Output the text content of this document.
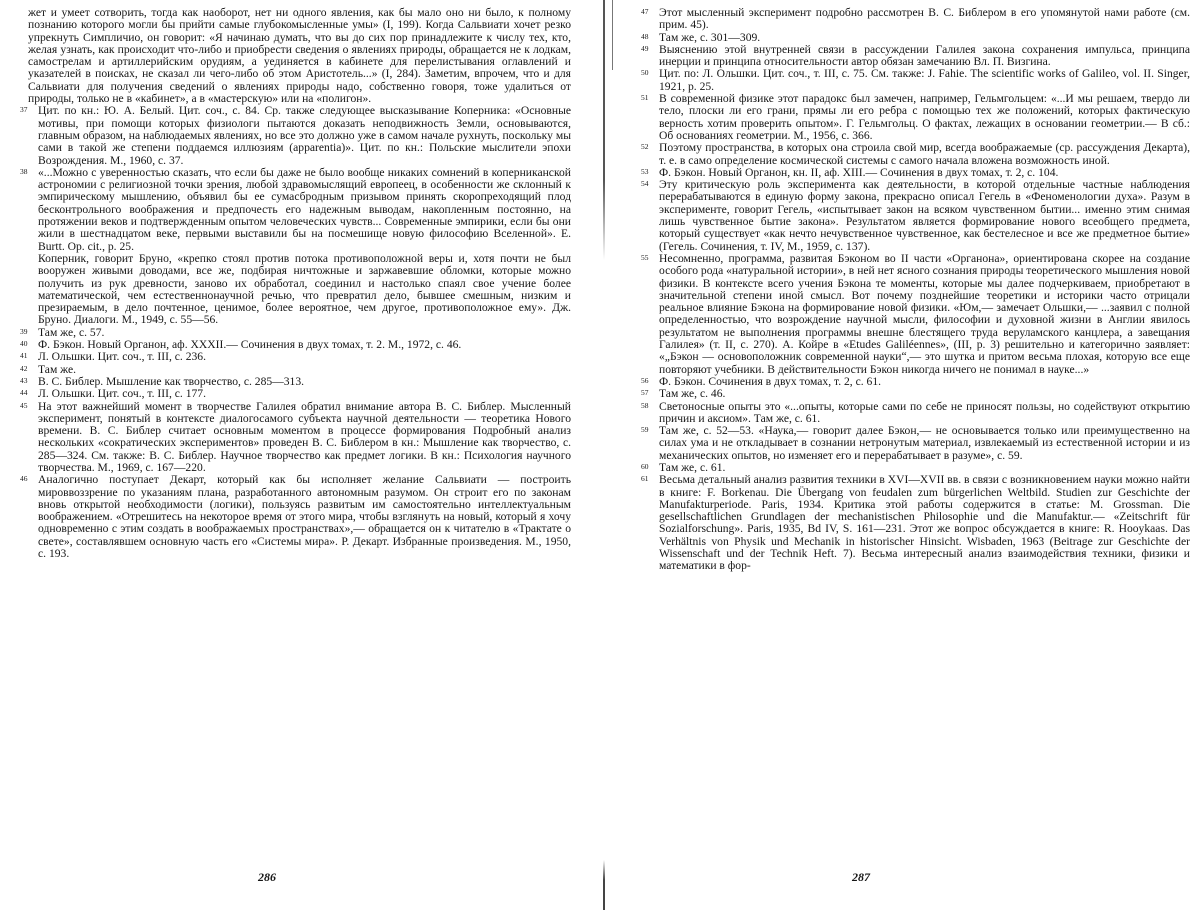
жет и умеет сотворить, тогда как наоборот, нет ни одного явления, как бы мало оно ни было, к полному познанию которого могли бы прийти самые глубокомысленные умы» (I, 199). Когда Сальвиати хочет резко упрекнуть Симпличио, он говорит: «Я начинаю думать, что вы до сих пор принадлежите к числу тех, кто, желая узнать, как происходит что-либо и приобрести сведения о явлениях природы, обращается не к лодкам, самострелам и артиллерийским орудиям, а уединяется в кабинете для перелистывания оглавлений и указателей в поисках, не сказал ли чего-либо об этом Аристотель...» (I, 284). Заметим, впрочем, что и для Сальвиати для получения сведений о явлениях природы надо, собственно говоря, тоже удалиться от природы, только не в «кабинет», а в «мастерскую» или на «полигон».
37 Цит. по кн.: Ю. А. Белый. Цит. соч., с. 84. Ср. также следующее высказывание Коперника: «Основные мотивы, при помощи которых физиологи пытаются доказать неподвижность Земли, основываются, главным образом, на наблюдаемых явлениях, но все это должно уже в самом начале рухнуть, поскольку мы сами в такой же степени поддаемся иллюзиям (apparentia)». Цит. по кн.: Польские мыслители эпохи Возрождения. М., 1960, с. 37.
38 «...Можно с уверенностью сказать, что если бы даже не было вообще никаких сомнений в коперниканской астрономии с религиозной точки зрения, любой здравомыслящий европеец, в особенности же склонный к эмпирическому мышлению, объявил бы ее сумасбродным призывом принять скоропреходящий плод бесконтрольного воображения и предпочесть его надежным выводам, накопленным постоянно, на протяжении веков и подтвержденным опытом человеческих чувств... Современные эмпирики, если бы они жили в шестнадцатом веке, первыми выставили бы на посмешище новую философию Вселенной». E. Burtt. Op. cit., p. 25.
Коперник, говорит Бруно, «крепко стоял против потока противоположной веры и, хотя почти не был вооружен живыми доводами, все же, подбирая ничтожные и заржавевшие обломки, которые можно получить из рук древности, заново их обработал, соединил и настолько спаял свое учение более математической, чем естественнонаучной речью, что превратил дело, бывшее смешным, низким и презираемым, в дело почтенное, ценимое, более вероятное, чем другое, противоположное ему». Дж. Бруно. Диалоги. М., 1949, с. 55—56.
39 Там же, с. 57.
40 Ф. Бэкон. Новый Органон, аф. XXXII.— Сочинения в двух томах, т. 2. М., 1972, с. 46.
41 Л. Ольшки. Цит. соч., т. III, с. 236.
42 Там же.
43 В. С. Библер. Мышление как творчество, с. 285—313.
44 Л. Ольшки. Цит. соч., т. III, с. 177.
45 На этот важнейший момент в творчестве Галилея обратил внимание автора В. С. Библер. Мысленный эксперимент, понятый в контексте диалогосамого субъекта научной деятельности — теоретика Нового времени. В. С. Библер считает основным моментом в процессе формирования Подробный анализ нескольких «сократических экспериментов» проведен В. С. Библером в кн.: Мышление как творчество, с. 285—324. См. также: В. С. Библер. Научное творчество как предмет логики. В кн.: Психология научного творчества. М., 1969, с. 167—220.
46 Аналогично поступает Декарт, который как бы исполняет желание Сальвиати — построить мироввоззрение по указаниям плана, разработанного автономным разумом. Он строит его по законам вновь открытой необходимости (логики), пользуясь развитым им самостоятельно интеллектуальным воображением. «Отрешитесь на некоторое время от этого мира, чтобы взглянуть на новый, который я хочу одновременно с этим создать в воображаемых пространствах»,— обращается он к читателю в «Трактате о свете», составлявшем основную часть его «Системы мира». Р. Декарт. Избранные произведения. М., 1950, с. 193.
286
47 Этот мысленный эксперимент подробно рассмотрен В. С. Библером в его упомянутой нами работе (см. прим. 45).
48 Там же, с. 301—309.
49 Выяснению этой внутренней связи в рассуждении Галилея закона сохранения импульса, принципа инерции и принципа относительности автор обязан замечанию Вл. П. Визгина.
50 Цит. по: Л. Ольшки. Цит. соч., т. III, с. 75. См. также: J. Fahie. The scientific works of Galileo, vol. II. Singer, 1921, p. 25.
51 В современной физике этот парадокс был замечен, например, Гельмгольцем: «...И мы решаем, твердо ли тело, плоски ли его грани, прямы ли его ребра с помощью тех же положений, которых фактическую верность хотим проверить опытом». Г. Гельмгольц. О фактах, лежащих в основании геометрии.— В сб.: Об основаниях геометрии. М., 1956, с. 366.
52 Поэтому пространства, в которых она строила свой мир, всегда воображаемые (ср. рассуждения Декарта), т. е. в само определение космической системы с самого начала вложена возможность иной.
53 Ф. Бэкон. Новый Органон, кн. II, аф. XIII.— Сочинения в двух томах, т. 2, с. 104.
54 Эту критическую роль эксперимента как деятельности, в которой отдельные частные наблюдения перерабатываются в единую форму закона, прекрасно описал Гегель в «Феноменологии духа». Разум в эксперименте, говорит Гегель, «испытывает закон на всяком чувственном бытии... именно этим снимая лишь чувственное бытие закона». Результатом является формирование нового всеобщего предмета, который существует «как нечто нечувственное чувственное, как бестелесное и все же предметное бытие» (Гегель. Сочинения, т. IV, М., 1959, с. 137).
55 Несомненно, программа, развитая Бэконом во II части «Органона», ориентирована скорее на создание особого рода «натуральной истории», в ней нет ясного сознания природы теоретического мышления новой физики. В контексте всего учения Бэкона те моменты, которые мы далее подчеркиваем, приобретают в значительной степени иной смысл. Вот почему позднейшие теоретики и историки часто отрицали реальное влияние Бэкона на формирование новой физики. «Юм,— замечает Ольшки,— ...заявил с полной определенностью, что возрождение научной мысли, философии и духовной жизни в Англии явилось результатом не выполнения программы внешне блестящего труда веруламского канцлера, а завещания Галилея» (т. II, с. 270). А. Койре в «Etudes Galiléennes», (III, p. 3) решительно и категорично заявляет: «„Бэкон — основоположник современной науки“,— это шутка и притом весьма плохая, которую все еще повторяют учебники. В действительности Бэкон никогда ничего не понимал в науке...»
56 Ф. Бэкон. Сочинения в двух томах, т. 2, с. 61.
57 Там же, с. 46.
58 Светоносные опыты это «...опыты, которые сами по себе не приносят пользы, но содействуют открытию причин и аксиом». Там же, с. 61.
59 Там же, с. 52—53. «Наука,— говорит далее Бэкон,— не основывается только или преимущественно на силах ума и не откладывает в сознании нетронутым материал, извлекаемый из естественной истории и из механических опытов, но изменяет его и перерабатывает в разуме», с. 59.
60 Там же, с. 61.
61 Весьма детальный анализ развития техники в XVI—XVII вв. в связи с возникновением науки можно найти в книге: F. Borkenau. Die Übergang von feudalen zum bürgerlichen Weltbild. Studien zur Geschichte der Manufakturperiode. Paris, 1934. Критика этой работы содержится в статье: M. Grossman. Die gesellschaftlichen Grundlagen der mechanistischen Philosophie und die Manufaktur.— «Zeitschrift für Sozialforschung». Paris, 1935, Bd IV, S. 161—231. Этот же вопрос обсуждается в книге: R. Hooykaas. Das Verhältnis von Physik und Mechanik in historischer Hinsicht. Wisbaden, 1963 (Beitrage zur Geschichte der Wissenschaft und der Technik Heft. 7). Весьма интересный анализ взаимодействия техники, физики и математики в фор-
287
